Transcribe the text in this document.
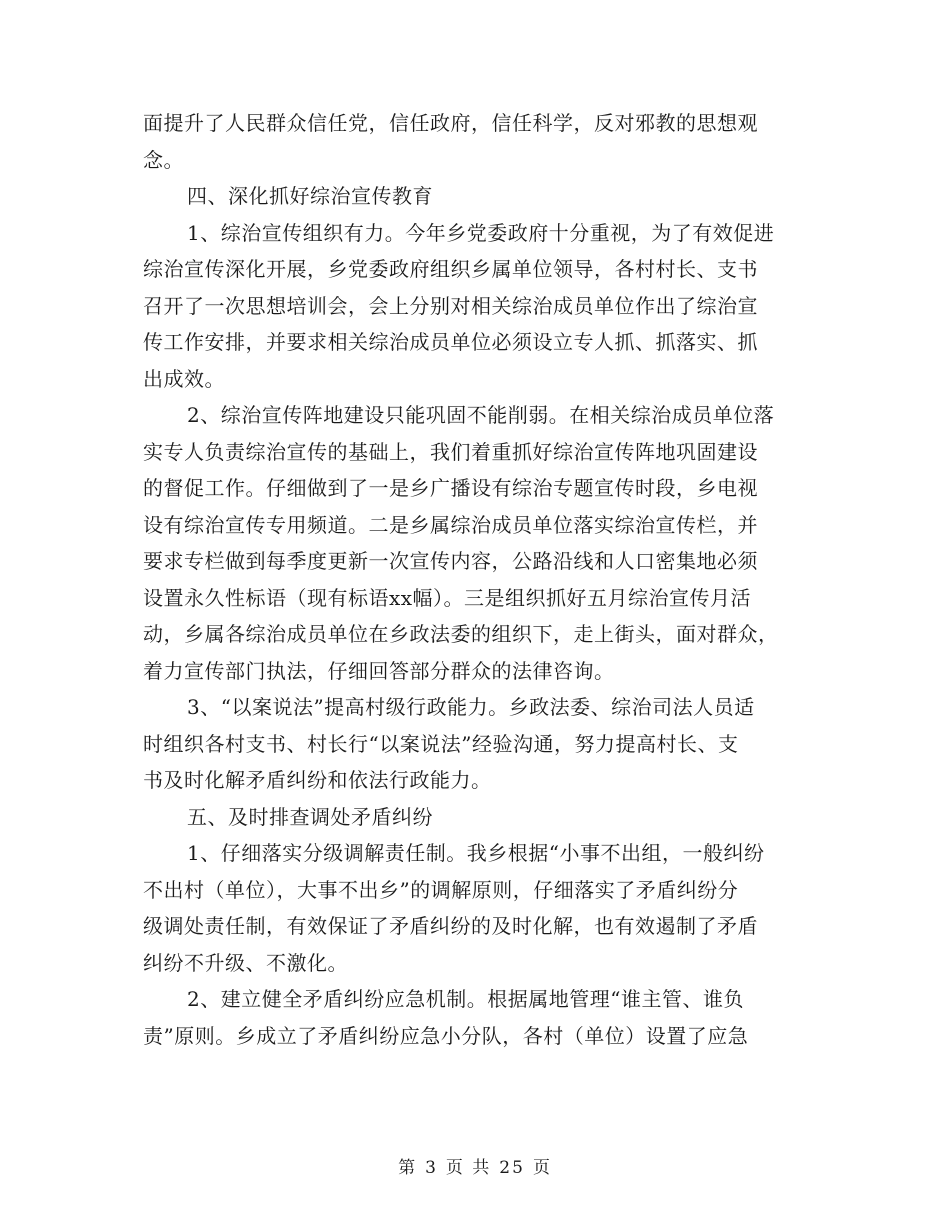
面提升了人民群众信任党，信任政府，信任科学，反对邪教的思想观
念。
四、深化抓好综治宣传教育
1、综治宣传组织有力。今年乡党委政府十分重视，为了有效促进
综治宣传深化开展，乡党委政府组织乡属单位领导，各村村长、支书
召开了一次思想培训会，会上分别对相关综治成员单位作出了综治宣
传工作安排，并要求相关综治成员单位必须设立专人抓、抓落实、抓
出成效。
2、综治宣传阵地建设只能巩固不能削弱。在相关综治成员单位落
实专人负责综治宣传的基础上，我们着重抓好综治宣传阵地巩固建设
的督促工作。仔细做到了一是乡广播设有综治专题宣传时段，乡电视
设有综治宣传专用频道。二是乡属综治成员单位落实综治宣传栏，并
要求专栏做到每季度更新一次宣传内容，公路沿线和人口密集地必须
设置永久性标语（现有标语xx幅）。三是组织抓好五月综治宣传月活
动，乡属各综治成员单位在乡政法委的组织下，走上街头，面对群众，
着力宣传部门执法，仔细回答部分群众的法律咨询。
3、“以案说法”提高村级行政能力。乡政法委、综治司法人员适
时组织各村支书、村长行“以案说法”经验沟通，努力提高村长、支
书及时化解矛盾纠纷和依法行政能力。
五、及时排查调处矛盾纠纷
1、仔细落实分级调解责任制。我乡根据“小事不出组，一般纠纷
不出村（单位），大事不出乡”的调解原则，仔细落实了矛盾纠纷分
级调处责任制，有效保证了矛盾纠纷的及时化解，也有效遏制了矛盾
纠纷不升级、不激化。
2、建立健全矛盾纠纷应急机制。根据属地管理“谁主管、谁负
责”原则。乡成立了矛盾纠纷应急小分队，各村（单位）设置了应急
第 3 页 共 25 页
